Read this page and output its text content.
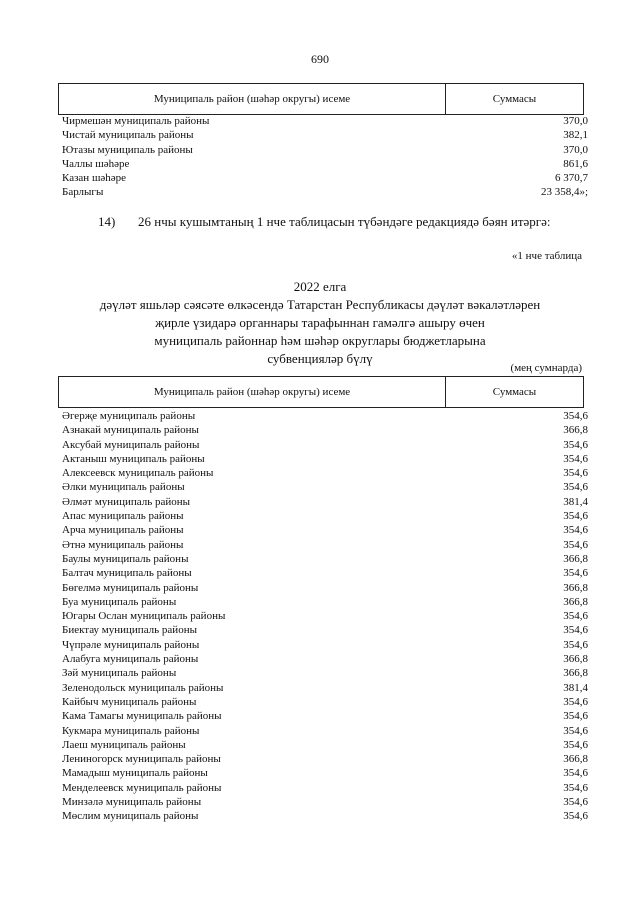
690
Муниципаль район (шәһәр округы) исеме	Суммасы
Чирмешән муниципаль районы	370,0
Чистай муниципаль районы	382,1
Ютазы муниципаль районы	370,0
Чаллы шәһәре	861,6
Казан шәһәре	6 370,7
Барлыгы	23 358,4»;
14) 26 нчы кушымтаның 1 нче таблицасын түбәндәге редакциядә бәян итәргә:
«1 нче таблица
2022 елга
дәүләт яшьләр сәясәте өлкәсендә Татарстан Республикасы дәүләт вәкаләтләрен
җирле үзидарә органнары тарафыннан гамәлгә ашыру өчен
муниципаль районнар һәм шәһәр округлары бюджетларына
субвенцияләр бүлү
(мең сумнарда)
Муниципаль район (шәһәр округы) исеме	Суммасы
Әгерҗе муниципаль районы	354,6
Азнакай муниципаль районы	366,8
Аксубай муниципаль районы	354,6
Актаныш муниципаль районы	354,6
Алексеевск муниципаль районы	354,6
Әлки муниципаль районы	354,6
Әлмәт муниципаль районы	381,4
Апас муниципаль районы	354,6
Арча муниципаль районы	354,6
Әтнә муниципаль районы	354,6
Баулы муниципаль районы	366,8
Балтач муниципаль районы	354,6
Бөгелмә муниципаль районы	366,8
Буа муниципаль районы	366,8
Югары Ослан муниципаль районы	354,6
Биектау муниципаль районы	354,6
Чүпрәле муниципаль районы	354,6
Алабуга муниципаль районы	366,8
Зәй муниципаль районы	366,8
Зеленодольск муниципаль районы	381,4
Кайбыч муниципаль районы	354,6
Кама Тамагы муниципаль районы	354,6
Кукмара муниципаль районы	354,6
Лаеш муниципаль районы	354,6
Лениногорск муниципаль районы	366,8
Мамадыш муниципаль районы	354,6
Менделеевск муниципаль районы	354,6
Минзәлә муниципаль районы	354,6
Мөслим муниципаль районы	354,6
